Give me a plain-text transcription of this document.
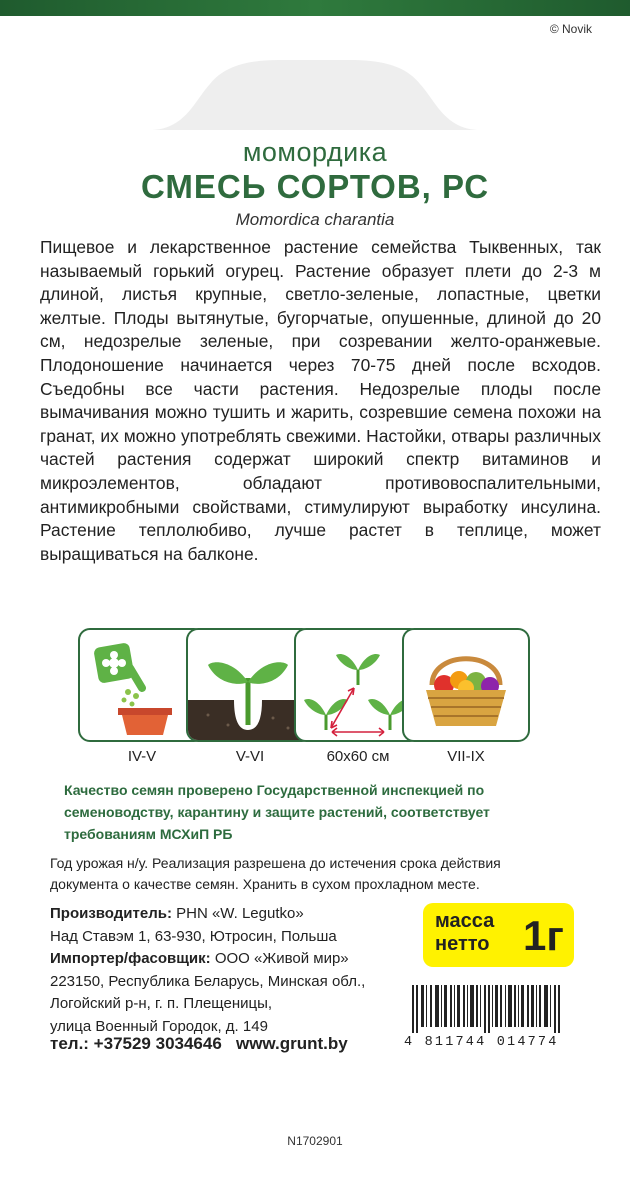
© Novik
момордика
СМЕСЬ СОРТОВ, РС
Momordica charantia

Пищевое и лекарственное растение семейства Тыквенных, так называемый горький огурец. Растение образует плети до 2-3 м длиной, листья крупные, светло-зеленые, лопастные, цветки желтые. Плоды вытянутые, бугорчатые, опушенные, длиной до 20 см, недозрелые зеленые, при созревании желто-оранжевые. Плодоношение начинается через 70-75 дней после всходов. Съедобны все части растения. Недозрелые плоды после вымачивания можно тушить и жарить, созревшие семена похожи на гранат, их можно употреблять свежими. Настойки, отвары различных частей растения содержат широкий спектр витаминов и микроэлементов, обладают противовоспалительными, антимикробными свойствами, стимулируют выработку инсулина. Растение теплолюбиво, лучше растет в теплице, может выращиваться на балконе.

IV-V	V-VI	60x60 см	VII-IX

Качество семян проверено Государственной инспекцией по семеноводству, карантину и защите растений, соответствует требованиям МСХиП РБ

Год урожая н/у. Реализация разрешена до истечения срока действия документа о качестве семян. Хранить в сухом прохладном месте.

Производитель: PHN «W. Legutko»
Над Ставэм 1, 63-930, Ютросин, Польша
Импортер/фасовщик: ООО «Живой мир»
223150, Республика Беларусь, Минская обл.,
Логойский р-н, г. п. Плещеницы,
улица Военный Городок, д. 149
тел.: +37529 3034646 www.grunt.by
масса
нетто 1г
4 811744 014774
N1702901
